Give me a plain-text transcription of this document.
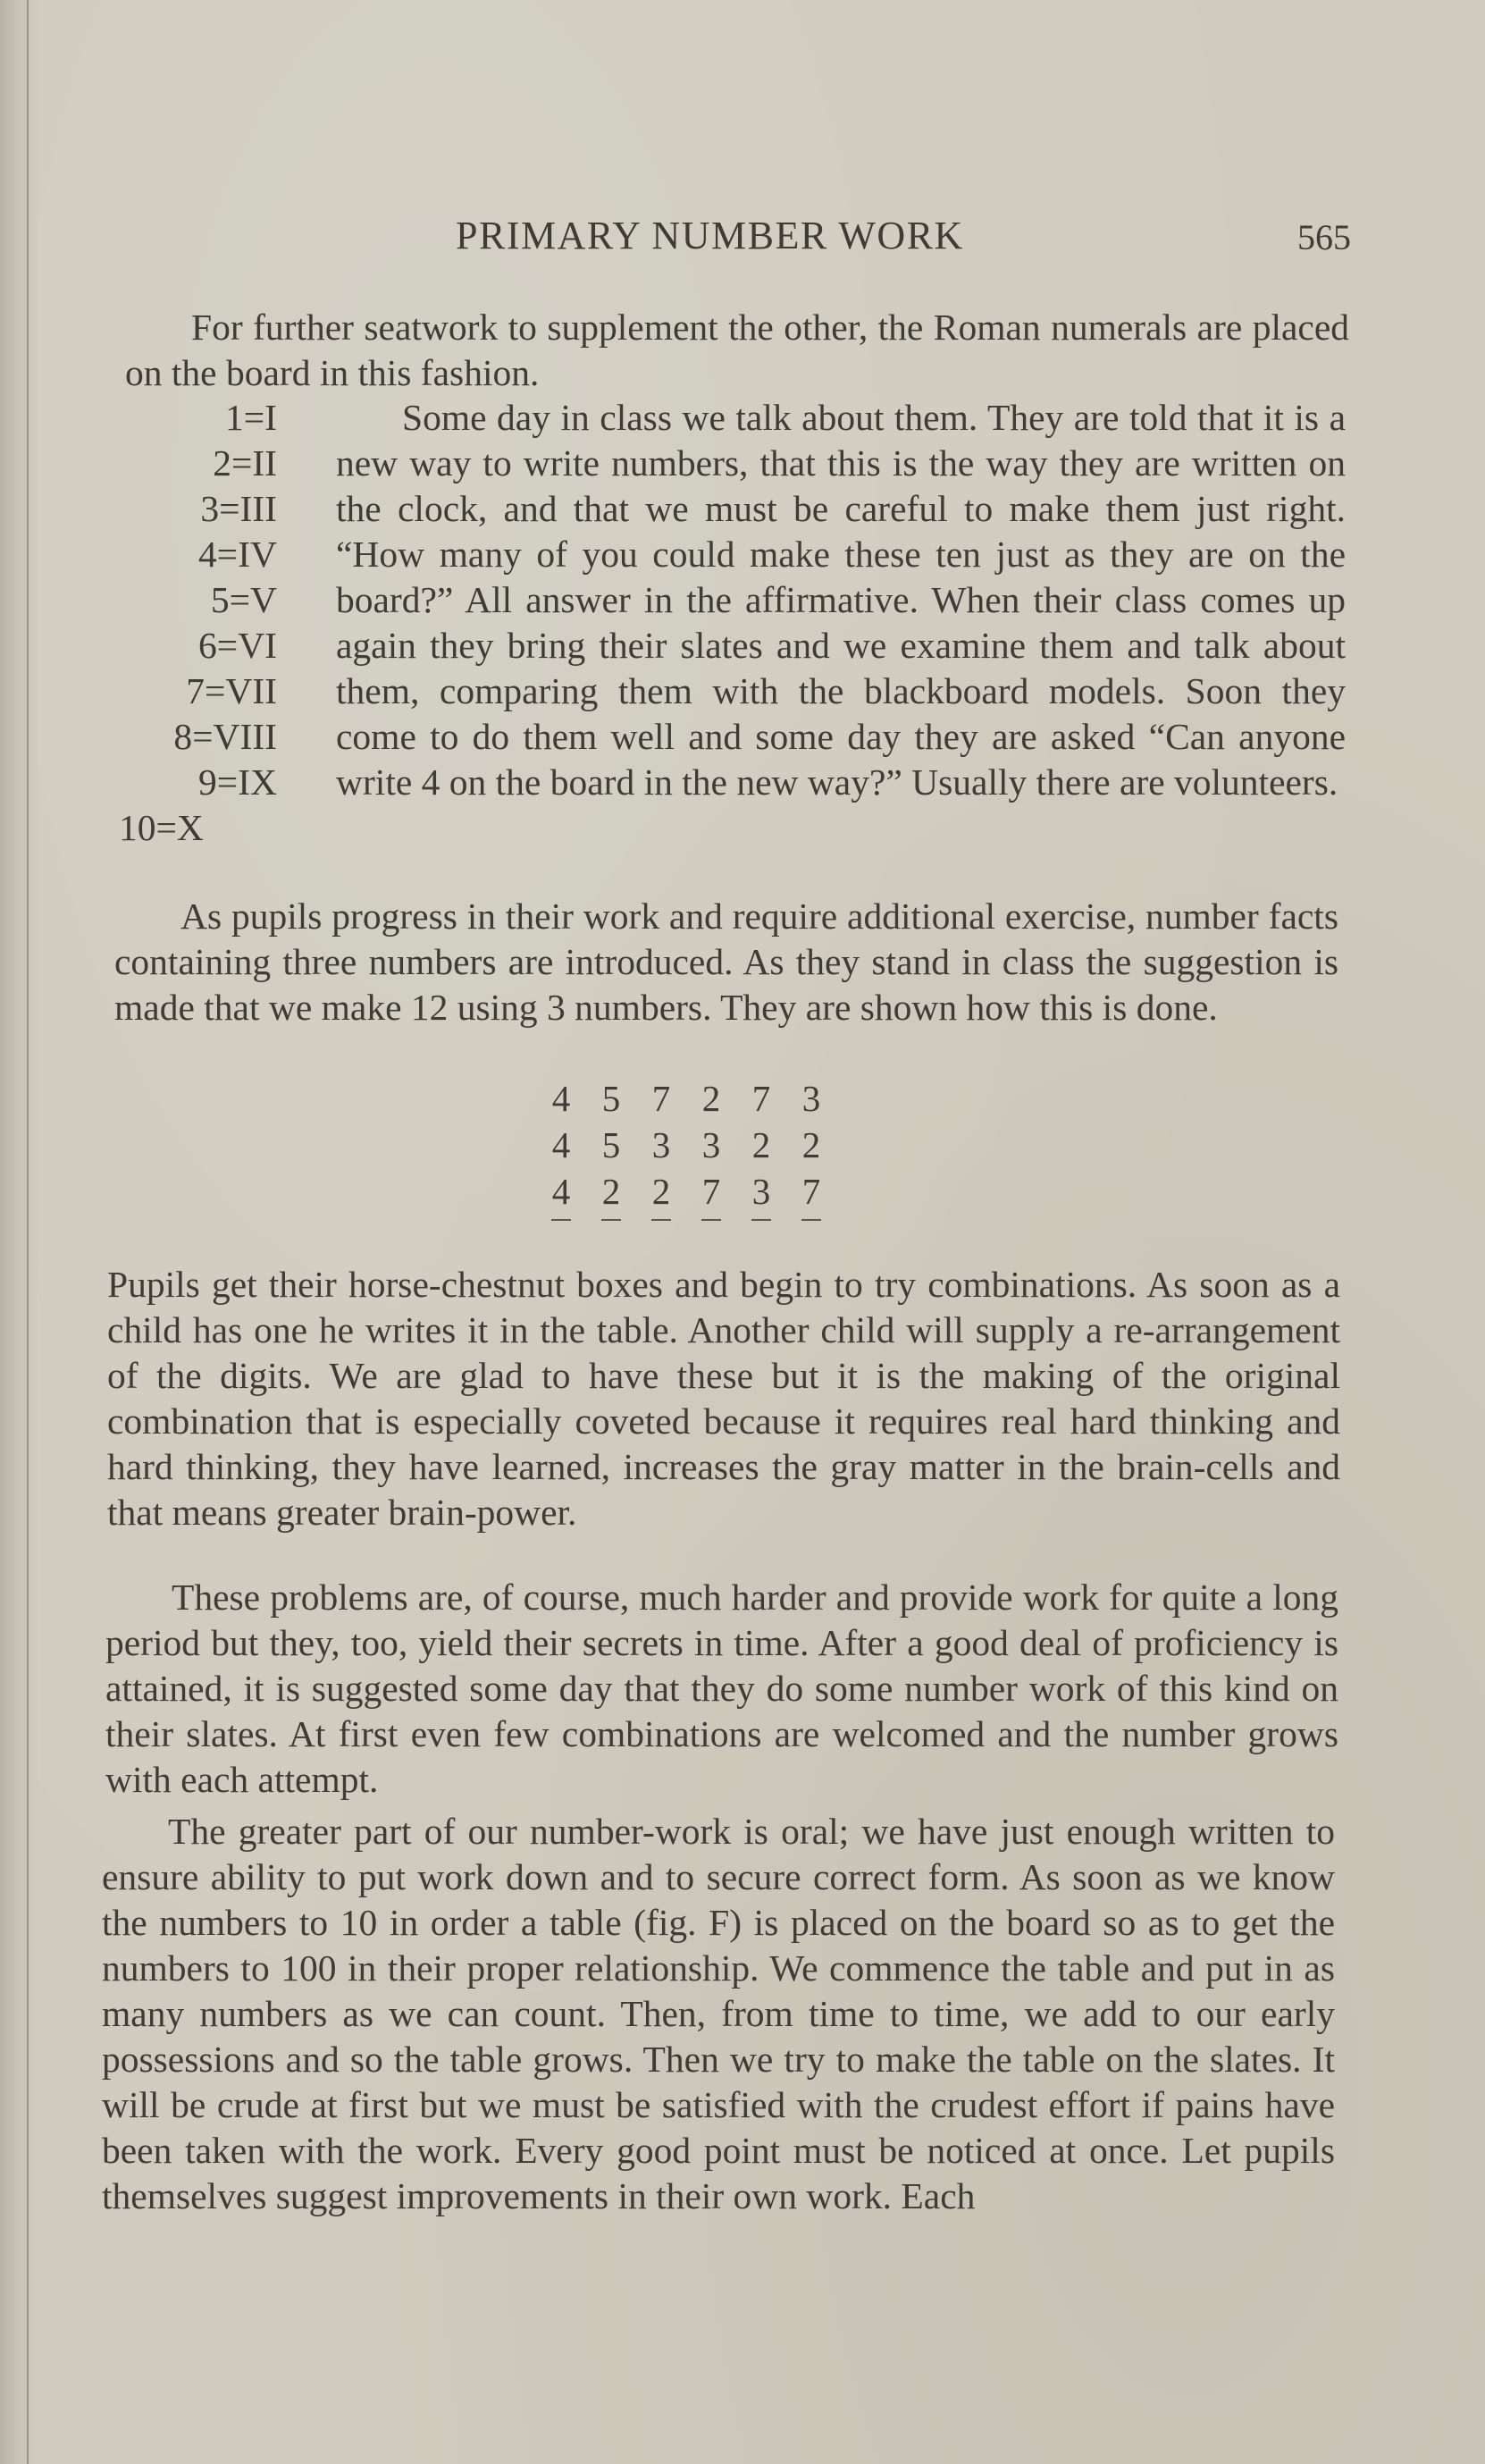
PRIMARY NUMBER WORK	565

For further seatwork to supplement the other, the Roman numerals are placed on the board in this fashion.

1=I
2=II
3=III
4=IV
5=V
6=VI
7=VII
8=VIII
9=IX
10=X

Some day in class we talk about them. They are told that it is a new way to write numbers, that this is the way they are written on the clock, and that we must be careful to make them just right. “How many of you could make these ten just as they are on the board?” All answer in the affirmative. When their class comes up again they bring their slates and we examine them and talk about them, comparing them with the blackboard models. Soon they come to do them well and some day they are asked “Can anyone write 4 on the board in the new way?” Usually there are volunteers.

As pupils progress in their work and require additional exercise, number facts containing three numbers are introduced. As they stand in class the suggestion is made that we make 12 using 3 numbers. They are shown how this is done.

4	5	7	2	7	3
4	5	3	3	2	2
4	2	2	7	3	7

Pupils get their horse-chestnut boxes and begin to try combinations. As soon as a child has one he writes it in the table. Another child will supply a re-arrangement of the digits. We are glad to have these but it is the making of the original combination that is especially coveted because it requires real hard thinking and hard thinking, they have learned, increases the gray matter in the brain-cells and that means greater brain-power.

These problems are, of course, much harder and provide work for quite a long period but they, too, yield their secrets in time. After a good deal of proficiency is attained, it is suggested some day that they do some number work of this kind on their slates. At first even few combinations are welcomed and the number grows with each attempt.

The greater part of our number-work is oral; we have just enough written to ensure ability to put work down and to secure correct form. As soon as we know the numbers to 10 in order a table (fig. F) is placed on the board so as to get the numbers to 100 in their proper relationship. We commence the table and put in as many numbers as we can count. Then, from time to time, we add to our early possessions and so the table grows. Then we try to make the table on the slates. It will be crude at first but we must be satisfied with the crudest effort if pains have been taken with the work. Every good point must be noticed at once. Let pupils themselves suggest improvements in their own work. Each
